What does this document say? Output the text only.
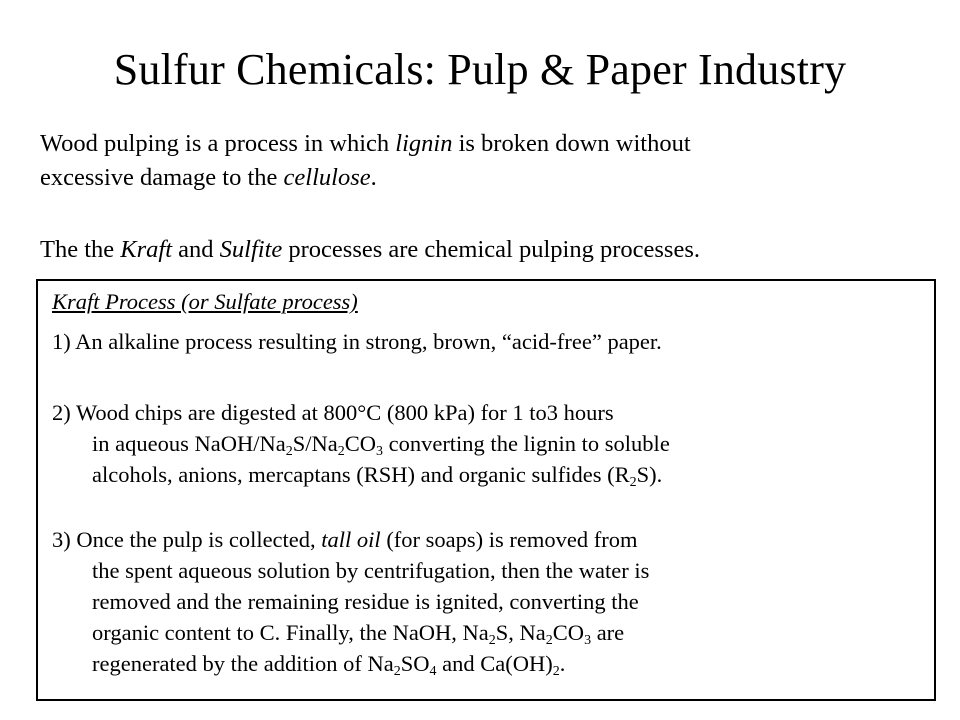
Sulfur Chemicals: Pulp & Paper Industry

Wood pulping is a process in which lignin is broken down without
excessive damage to the cellulose.

The the Kraft and Sulfite processes are chemical pulping processes.

Kraft Process (or Sulfate process)
1) An alkaline process resulting in strong, brown, “acid-free” paper.
2) Wood chips are digested at 800°C (800 kPa) for 1 to3 hours
in aqueous NaOH/$Na_2S/Na_2CO_3$ converting the lignin to soluble
alcohols, anions, mercaptans (RSH) and organic sulfides $(R_2S)$.
3) Once the pulp is collected, tall oil (for soaps) is removed from
the spent aqueous solution by centrifugation, then the water is
removed and the remaining residue is ignited, converting the
organic content to C. Finally, the NaOH, $Na_2S$, $Na_2CO_3$ are
regenerated by the addition of $Na_2SO_4$ and $Ca(OH)_2$.
